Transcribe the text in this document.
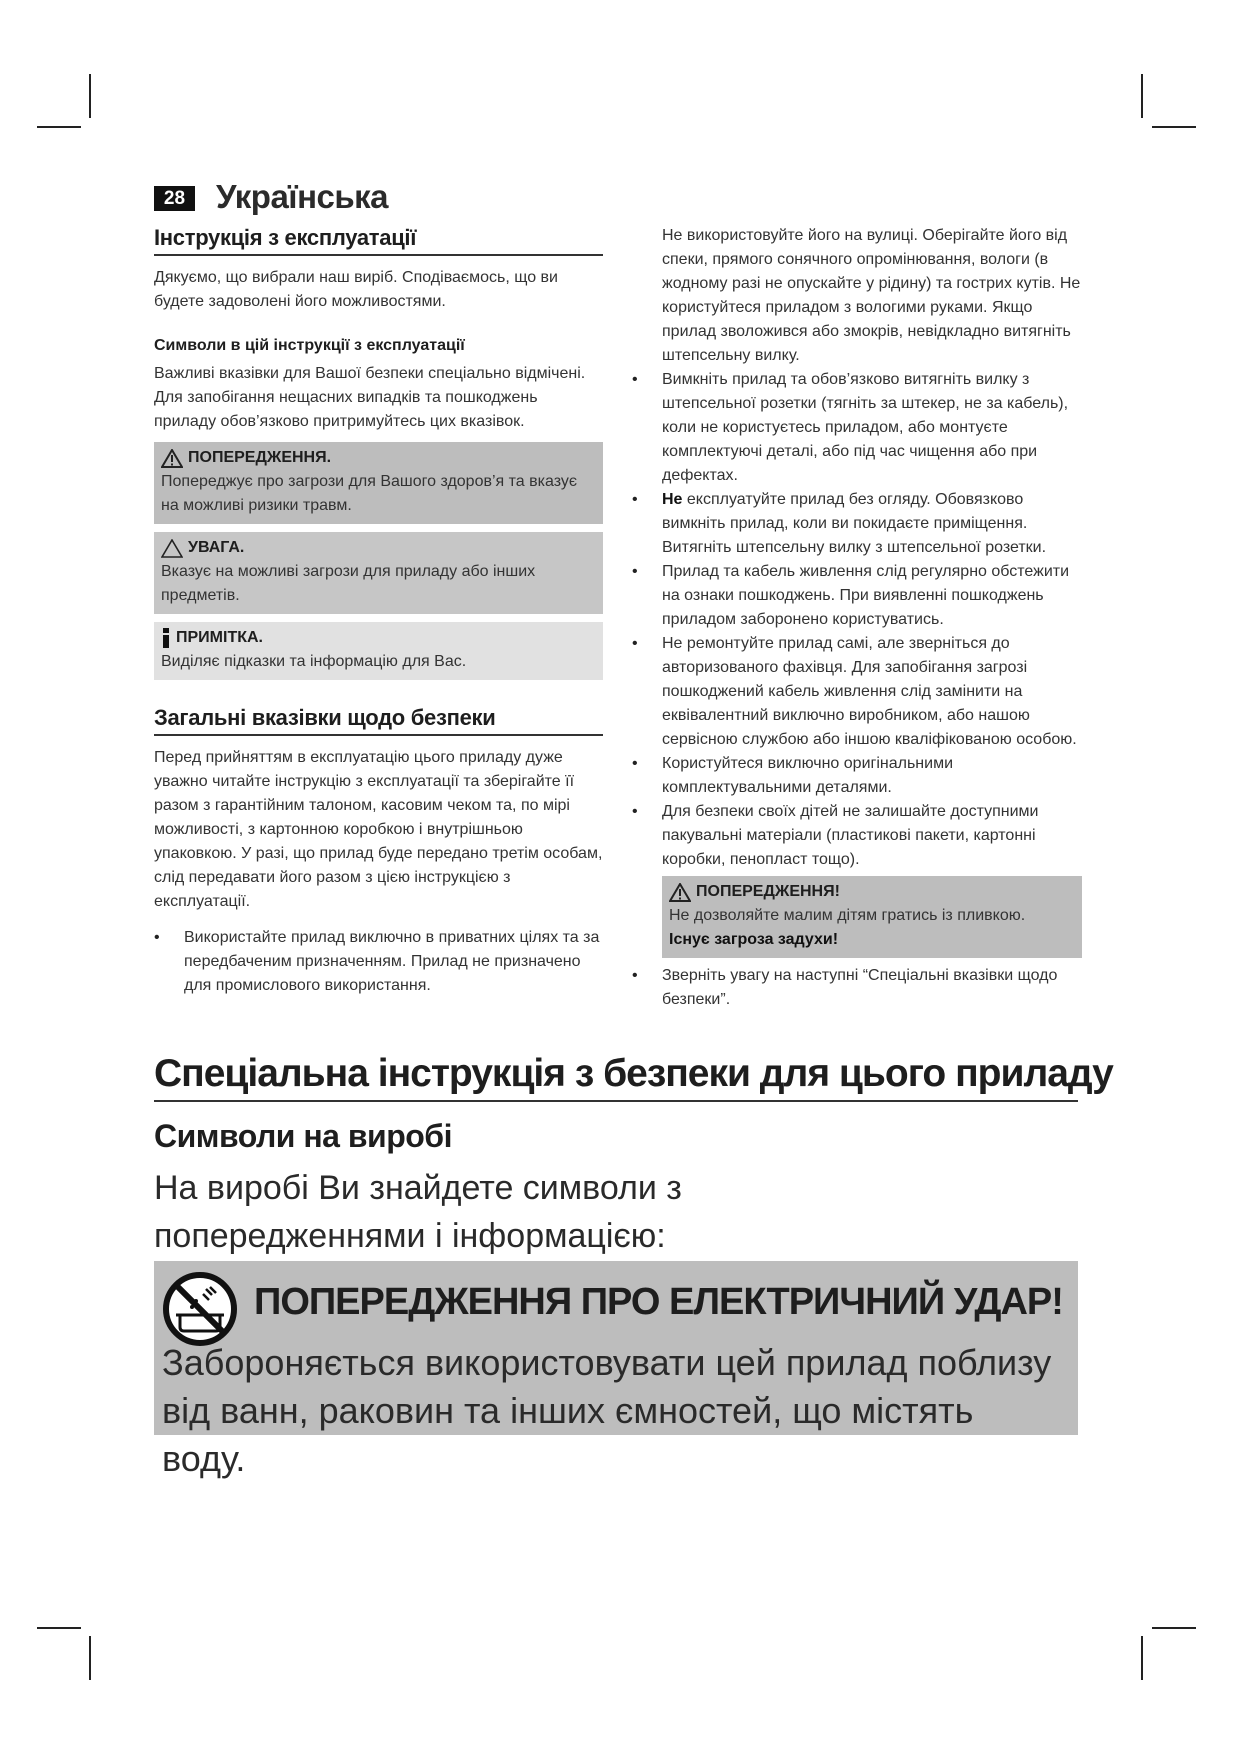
28 Українська
Інструкція з експлуатації

Дякуємо, що вибрали наш виріб. Сподіваємось, що ви будете задоволені його можливостями.

Символи в цій інструкції з експлуатації

Важливі вказівки для Вашої безпеки спеціально відмічені. Для запобігання нещасних випадків та пошкоджень приладу обов’язково притримуйтесь цих вказівок.

ПОПЕРЕДЖЕННЯ.

Попереджує про загрози для Вашого здоров’я та вказує на можливі ризики травм.

УВАГА.

Вказує на можливі загрози для приладу або інших предметів.

ПРИМІТКА.

Виділяє підказки та інформацію для Вас.

Загальні вказівки щодо безпеки

Перед прийняттям в експлуатацію цього приладу дуже уважно читайте інструкцію з експлуатації та зберігайте її разом з гарантійним талоном, касовим чеком та, по мірі можливості, з картонною коробкою і внутрішньою упаковкою. У разі, що прилад буде передано третім особам, слід передавати його разом з цією інструкцією з експлуатації.

• Використайте прилад виключно в приватних цілях та за передбаченим призначенням. Прилад не призначено для промислового використання.

Не використовуйте його на вулиці. Оберігайте його від спеки, прямого сонячного опромінювання, вологи (в жодному разі не опускайте у рідину) та гострих кутів. Не користуйтеся приладом з вологими руками. Якщо прилад зволожився або змокрів, невідкладно витягніть штепсельну вилку.

• Вимкніть прилад та обов’язково витягніть вилку з штепсельної розетки (тягніть за штекер, не за кабель), коли не користуєтесь приладом, або монтуєте комплектуючі деталі, або під час чищення або при дефектах.
• Не експлуатуйте прилад без огляду. Обовязково вимкніть прилад, коли ви покидаєте приміщення. Витягніть штепсельну вилку з штепсельної розетки.
• Прилад та кабель живлення слід регулярно обстежити на ознаки пошкоджень. При виявленні пошкоджень приладом заборонено користуватись.
• Не ремонтуйте прилад самі, але зверніться до авторизованого фахівця. Для запобігання загрозі пошкоджений кабель живлення слід замінити на еквівалентний виключно виробником, або нашою сервісною службою або іншою кваліфікованою особою.
• Користуйтеся виключно оригінальними комплектувальними деталями.
• Для безпеки своїх дітей не залишайте доступними пакувальні матеріали (пластикові пакети, картонні коробки, пенопласт тощо).
ПОПЕРЕДЖЕННЯ!

Не дозволяйте малим дітям гратись із пливкою.

Існує загроза задухи!

• Зверніть увагу на наступні “Спеціальні вказівки щодо безпеки”.
Спеціальна інструкція з безпеки для цього приладу
Символи на виробі
На виробі Ви знайдете символи з попередженнями і інформацією:
ПОПЕРЕДЖЕННЯ ПРО ЕЛЕКТРИЧНИЙ УДАР!
Забороняється використовувати цей прилад поблизу від ванн, раковин та інших ємностей, що містять воду.
